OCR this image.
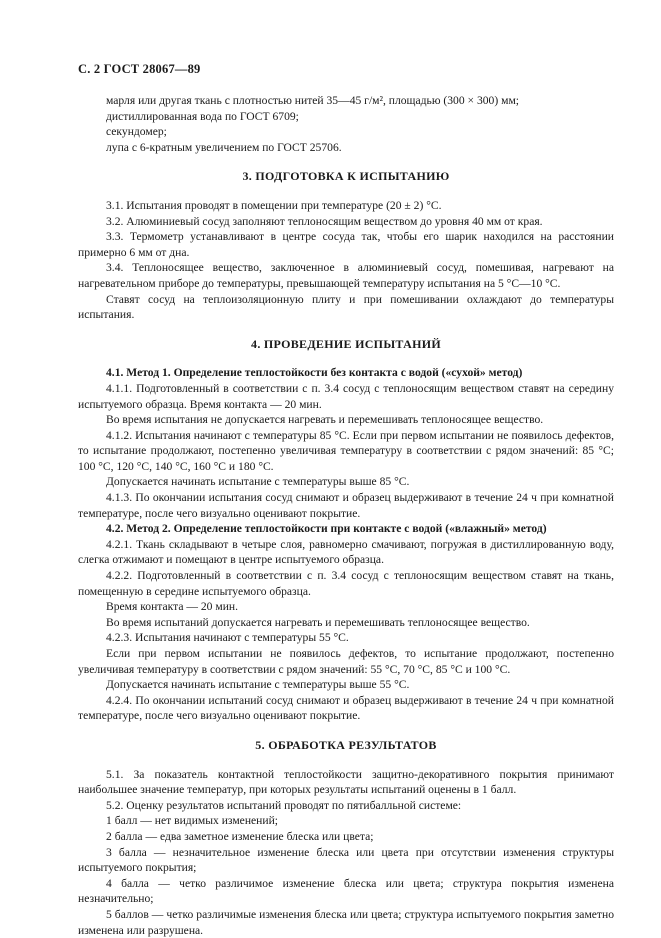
С. 2 ГОСТ 28067—89

марля или другая ткань с плотностью нитей 35—45 г/м², площадью (300 × 300) мм;

дистиллированная вода по ГОСТ 6709;

секундомер;

лупа с 6-кратным увеличением по ГОСТ 25706.

3. ПОДГОТОВКА К ИСПЫТАНИЮ

3.1. Испытания проводят в помещении при температуре (20 ± 2) °С.

3.2. Алюминиевый сосуд заполняют теплоносящим веществом до уровня 40 мм от края.

3.3. Термометр устанавливают в центре сосуда так, чтобы его шарик находился на расстоянии примерно 6 мм от дна.

3.4. Теплоносящее вещество, заключенное в алюминиевый сосуд, помешивая, нагревают на нагревательном приборе до температуры, превышающей температуру испытания на 5 °С—10 °С.

Ставят сосуд на теплоизоляционную плиту и при помешивании охлаждают до температуры испытания.

4. ПРОВЕДЕНИЕ ИСПЫТАНИЙ

4.1. Метод 1. Определение теплостойкости без контакта с водой («сухой» метод)

4.1.1. Подготовленный в соответствии с п. 3.4 сосуд с теплоносящим веществом ставят на середину испытуемого образца. Время контакта — 20 мин.

Во время испытания не допускается нагревать и перемешивать теплоносящее вещество.

4.1.2. Испытания начинают с температуры 85 °С. Если при первом испытании не появилось дефектов, то испытание продолжают, постепенно увеличивая температуру в соответствии с рядом значений: 85 °С; 100 °С, 120 °С, 140 °С, 160 °С и 180 °С.

Допускается начинать испытание с температуры выше 85 °С.

4.1.3. По окончании испытания сосуд снимают и образец выдерживают в течение 24 ч при комнатной температуре, после чего визуально оценивают покрытие.

4.2. Метод 2. Определение теплостойкости при контакте с водой («влажный» метод)

4.2.1. Ткань складывают в четыре слоя, равномерно смачивают, погружая в дистиллированную воду, слегка отжимают и помещают в центре испытуемого образца.

4.2.2. Подготовленный в соответствии с п. 3.4 сосуд с теплоносящим веществом ставят на ткань, помещенную в середине испытуемого образца.

Время контакта — 20 мин.

Во время испытаний допускается нагревать и перемешивать теплоносящее вещество.

4.2.3. Испытания начинают с температуры 55 °С.

Если при первом испытании не появилось дефектов, то испытание продолжают, постепенно увеличивая температуру в соответствии с рядом значений: 55 °С, 70 °С, 85 °С и 100 °С.

Допускается начинать испытание с температуры выше 55 °С.

4.2.4. По окончании испытаний сосуд снимают и образец выдерживают в течение 24 ч при комнатной температуре, после чего визуально оценивают покрытие.

5. ОБРАБОТКА РЕЗУЛЬТАТОВ

5.1. За показатель контактной теплостойкости защитно-декоративного покрытия принимают наибольшее значение температур, при которых результаты испытаний оценены в 1 балл.

5.2. Оценку результатов испытаний проводят по пятибалльной системе:

1 балл — нет видимых изменений;

2 балла — едва заметное изменение блеска или цвета;

3 балла — незначительное изменение блеска или цвета при отсутствии изменения структуры испытуемого покрытия;

4 балла — четко различимое изменение блеска или цвета; структура покрытия изменена незначительно;

5 баллов — четко различимые изменения блеска или цвета; структура испытуемого покрытия заметно изменена или разрушена.
